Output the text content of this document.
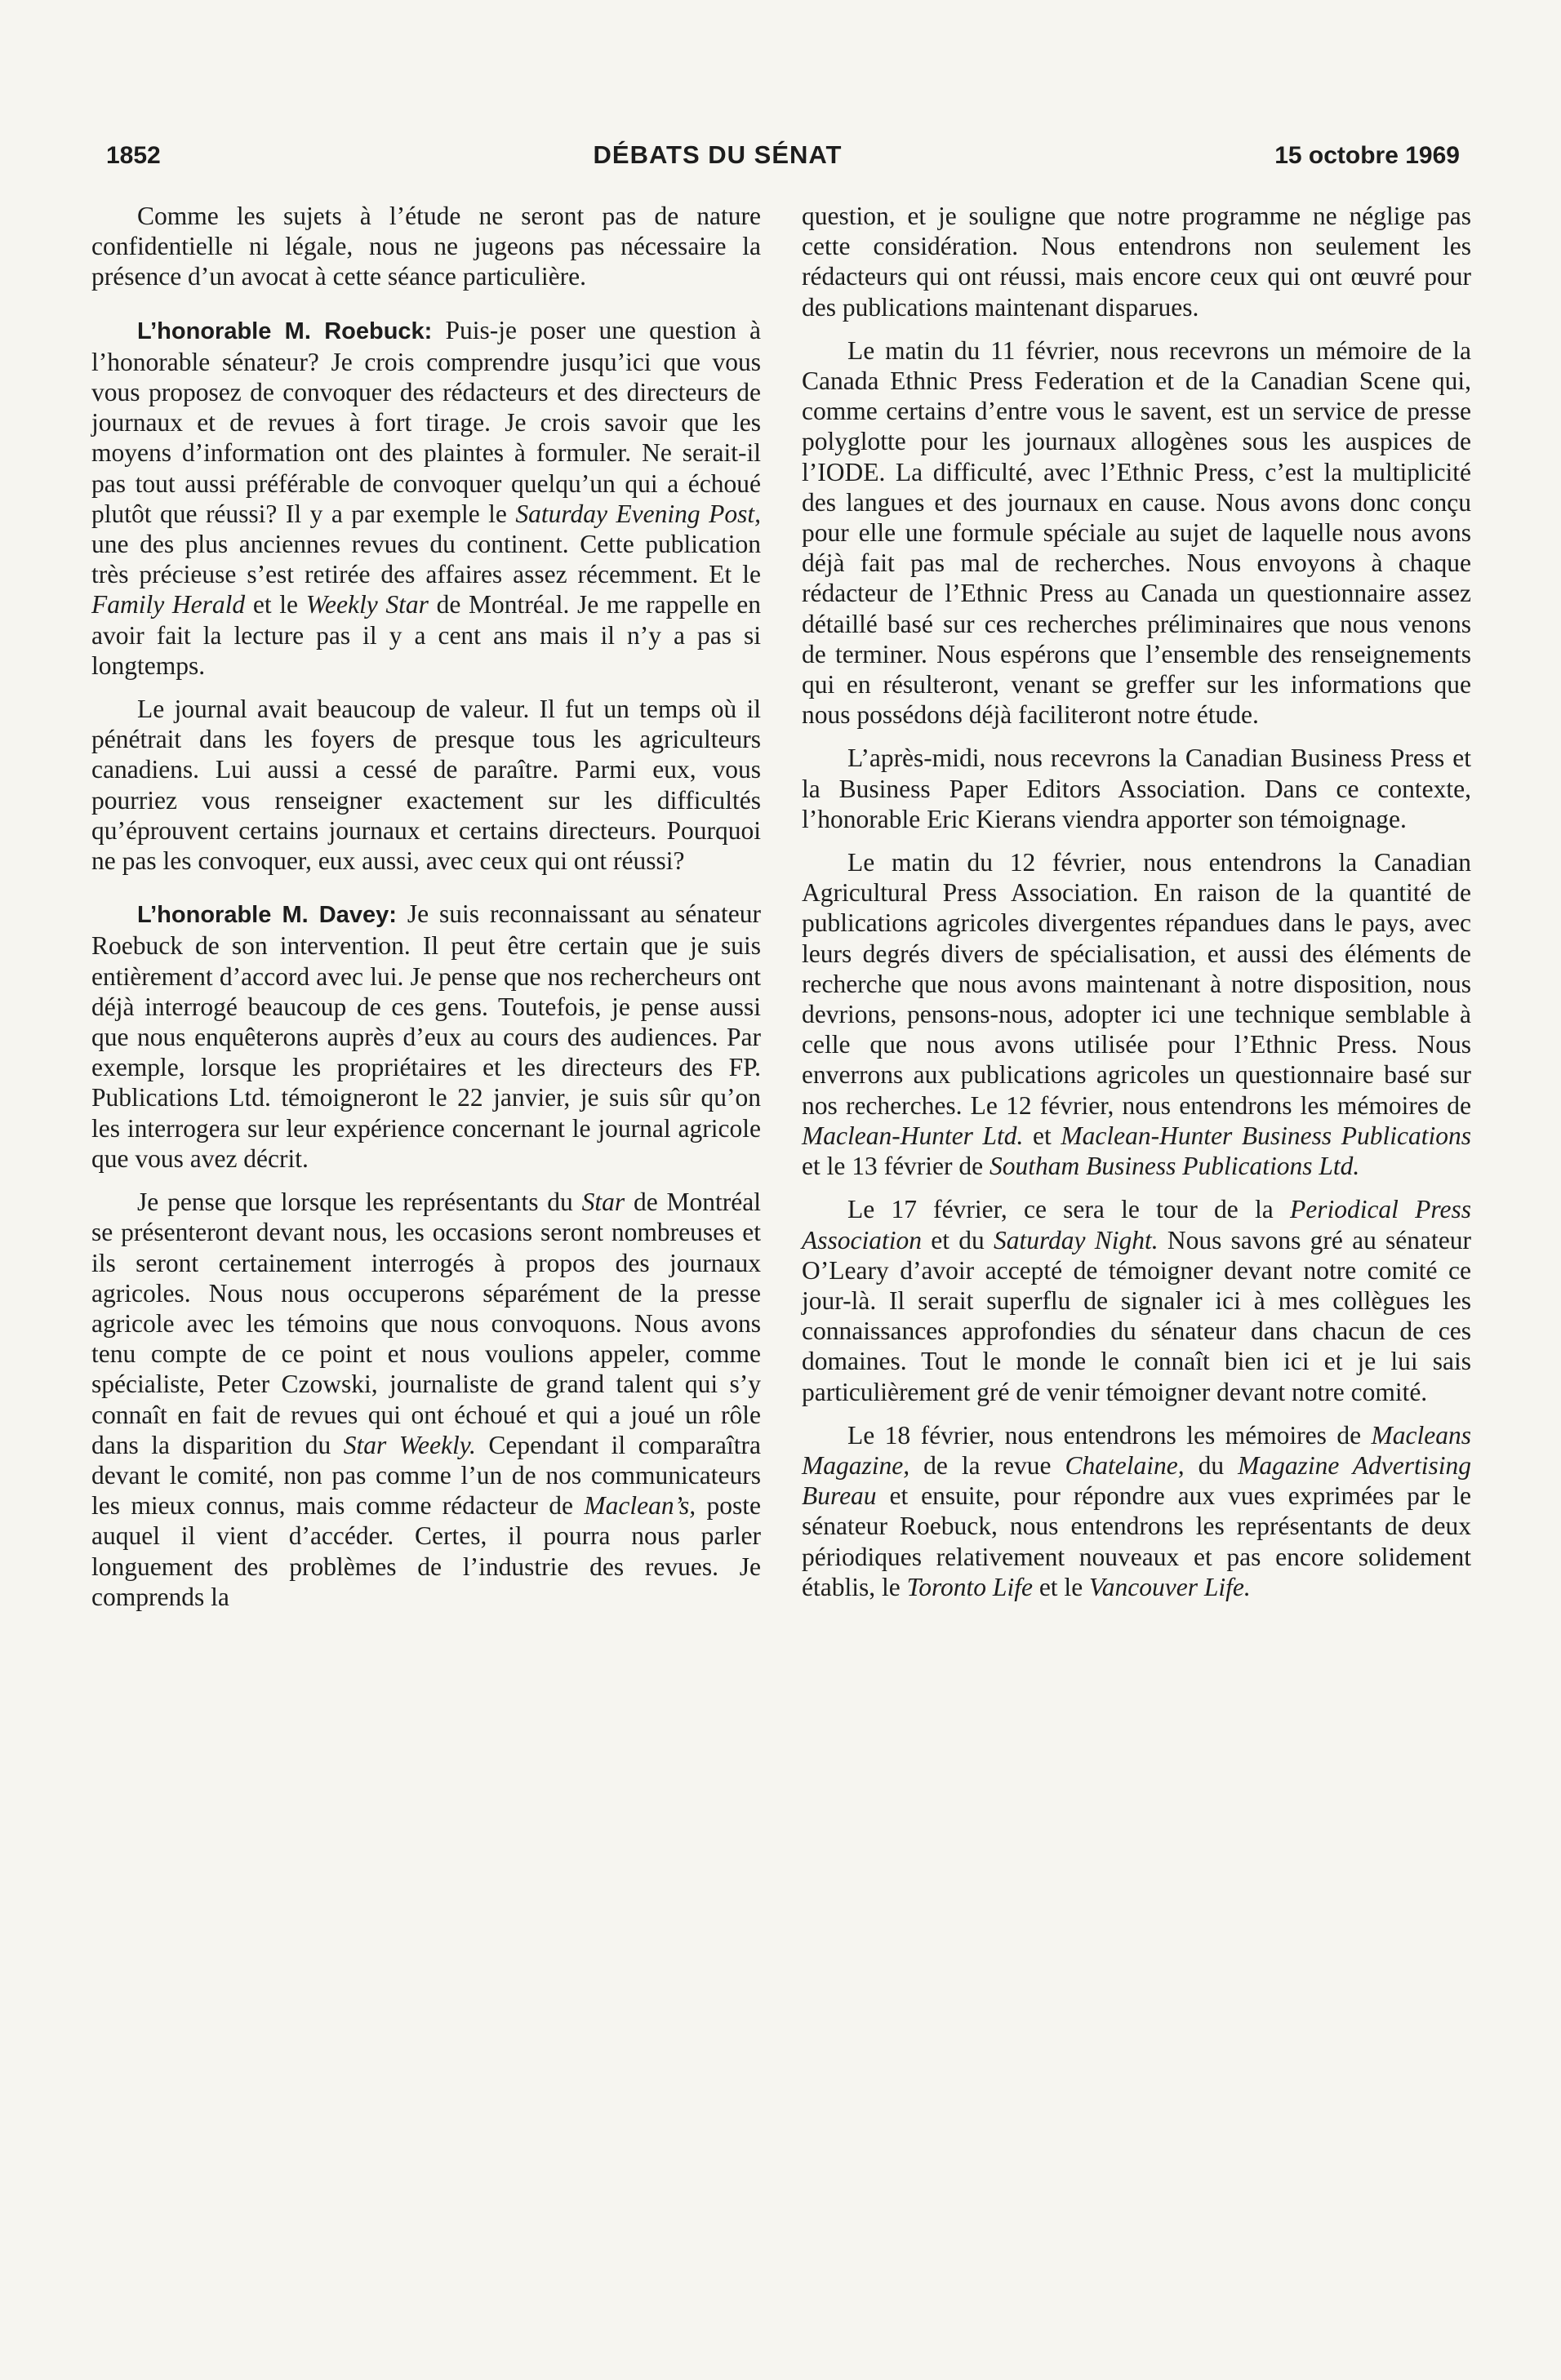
1852	DÉBATS DU SÉNAT	15 octobre 1969

Comme les sujets à l’étude ne seront pas de nature confidentielle ni légale, nous ne jugeons pas nécessaire la présence d’un avocat à cette séance particulière.

L’honorable M. Roebuck: Puis-je poser une question à l’honorable sénateur? Je crois comprendre jusqu’ici que vous vous proposez de convoquer des rédacteurs et des directeurs de journaux et de revues à fort tirage. Je crois savoir que les moyens d’information ont des plaintes à formuler. Ne serait-il pas tout aussi préférable de convoquer quelqu’un qui a échoué plutôt que réussi? Il y a par exemple le Saturday Evening Post, une des plus anciennes revues du continent. Cette publication très précieuse s’est retirée des affaires assez récemment. Et le Family Herald et le Weekly Star de Montréal. Je me rappelle en avoir fait la lecture pas il y a cent ans mais il n’y a pas si longtemps.

Le journal avait beaucoup de valeur. Il fut un temps où il pénétrait dans les foyers de presque tous les agriculteurs canadiens. Lui aussi a cessé de paraître. Parmi eux, vous pourriez vous renseigner exactement sur les difficultés qu’éprouvent certains journaux et certains directeurs. Pourquoi ne pas les convoquer, eux aussi, avec ceux qui ont réussi?

L’honorable M. Davey: Je suis reconnaissant au sénateur Roebuck de son intervention. Il peut être certain que je suis entièrement d’accord avec lui. Je pense que nos rechercheurs ont déjà interrogé beaucoup de ces gens. Toutefois, je pense aussi que nous enquêterons auprès d’eux au cours des audiences. Par exemple, lorsque les propriétaires et les directeurs des FP. Publications Ltd. témoigneront le 22 janvier, je suis sûr qu’on les interrogera sur leur expérience concernant le journal agricole que vous avez décrit.

Je pense que lorsque les représentants du Star de Montréal se présenteront devant nous, les occasions seront nombreuses et ils seront certainement interrogés à propos des journaux agricoles. Nous nous occuperons séparément de la presse agricole avec les témoins que nous convoquons. Nous avons tenu compte de ce point et nous voulions appeler, comme spécialiste, Peter Czowski, journaliste de grand talent qui s’y connaît en fait de revues qui ont échoué et qui a joué un rôle dans la disparition du Star Weekly. Cependant il comparaîtra devant le comité, non pas comme l’un de nos communicateurs les mieux connus, mais comme rédacteur de Maclean’s, poste auquel il vient d’accéder. Certes, il pourra nous parler longuement des problèmes de l’industrie des revues. Je comprends la

question, et je souligne que notre programme ne néglige pas cette considération. Nous entendrons non seulement les rédacteurs qui ont réussi, mais encore ceux qui ont œuvré pour des publications maintenant disparues.

Le matin du 11 février, nous recevrons un mémoire de la Canada Ethnic Press Federation et de la Canadian Scene qui, comme certains d’entre vous le savent, est un service de presse polyglotte pour les journaux allogènes sous les auspices de l’IODE. La difficulté, avec l’Ethnic Press, c’est la multiplicité des langues et des journaux en cause. Nous avons donc conçu pour elle une formule spéciale au sujet de laquelle nous avons déjà fait pas mal de recherches. Nous envoyons à chaque rédacteur de l’Ethnic Press au Canada un questionnaire assez détaillé basé sur ces recherches préliminaires que nous venons de terminer. Nous espérons que l’ensemble des renseignements qui en résulteront, venant se greffer sur les informations que nous possédons déjà faciliteront notre étude.

L’après-midi, nous recevrons la Canadian Business Press et la Business Paper Editors Association. Dans ce contexte, l’honorable Eric Kierans viendra apporter son témoignage.

Le matin du 12 février, nous entendrons la Canadian Agricultural Press Association. En raison de la quantité de publications agricoles divergentes répandues dans le pays, avec leurs degrés divers de spécialisation, et aussi des éléments de recherche que nous avons maintenant à notre disposition, nous devrions, pensons-nous, adopter ici une technique semblable à celle que nous avons utilisée pour l’Ethnic Press. Nous enverrons aux publications agricoles un questionnaire basé sur nos recherches. Le 12 février, nous entendrons les mémoires de Maclean-Hunter Ltd. et Maclean-Hunter Business Publications et le 13 février de Southam Business Publications Ltd.

Le 17 février, ce sera le tour de la Periodical Press Association et du Saturday Night. Nous savons gré au sénateur O’Leary d’avoir accepté de témoigner devant notre comité ce jour-là. Il serait superflu de signaler ici à mes collègues les connaissances approfondies du sénateur dans chacun de ces domaines. Tout le monde le connaît bien ici et je lui sais particulièrement gré de venir témoigner devant notre comité.

Le 18 février, nous entendrons les mémoires de Macleans Magazine, de la revue Chatelaine, du Magazine Advertising Bureau et ensuite, pour répondre aux vues exprimées par le sénateur Roebuck, nous entendrons les représentants de deux périodiques relativement nouveaux et pas encore solidement établis, le Toronto Life et le Vancouver Life.
